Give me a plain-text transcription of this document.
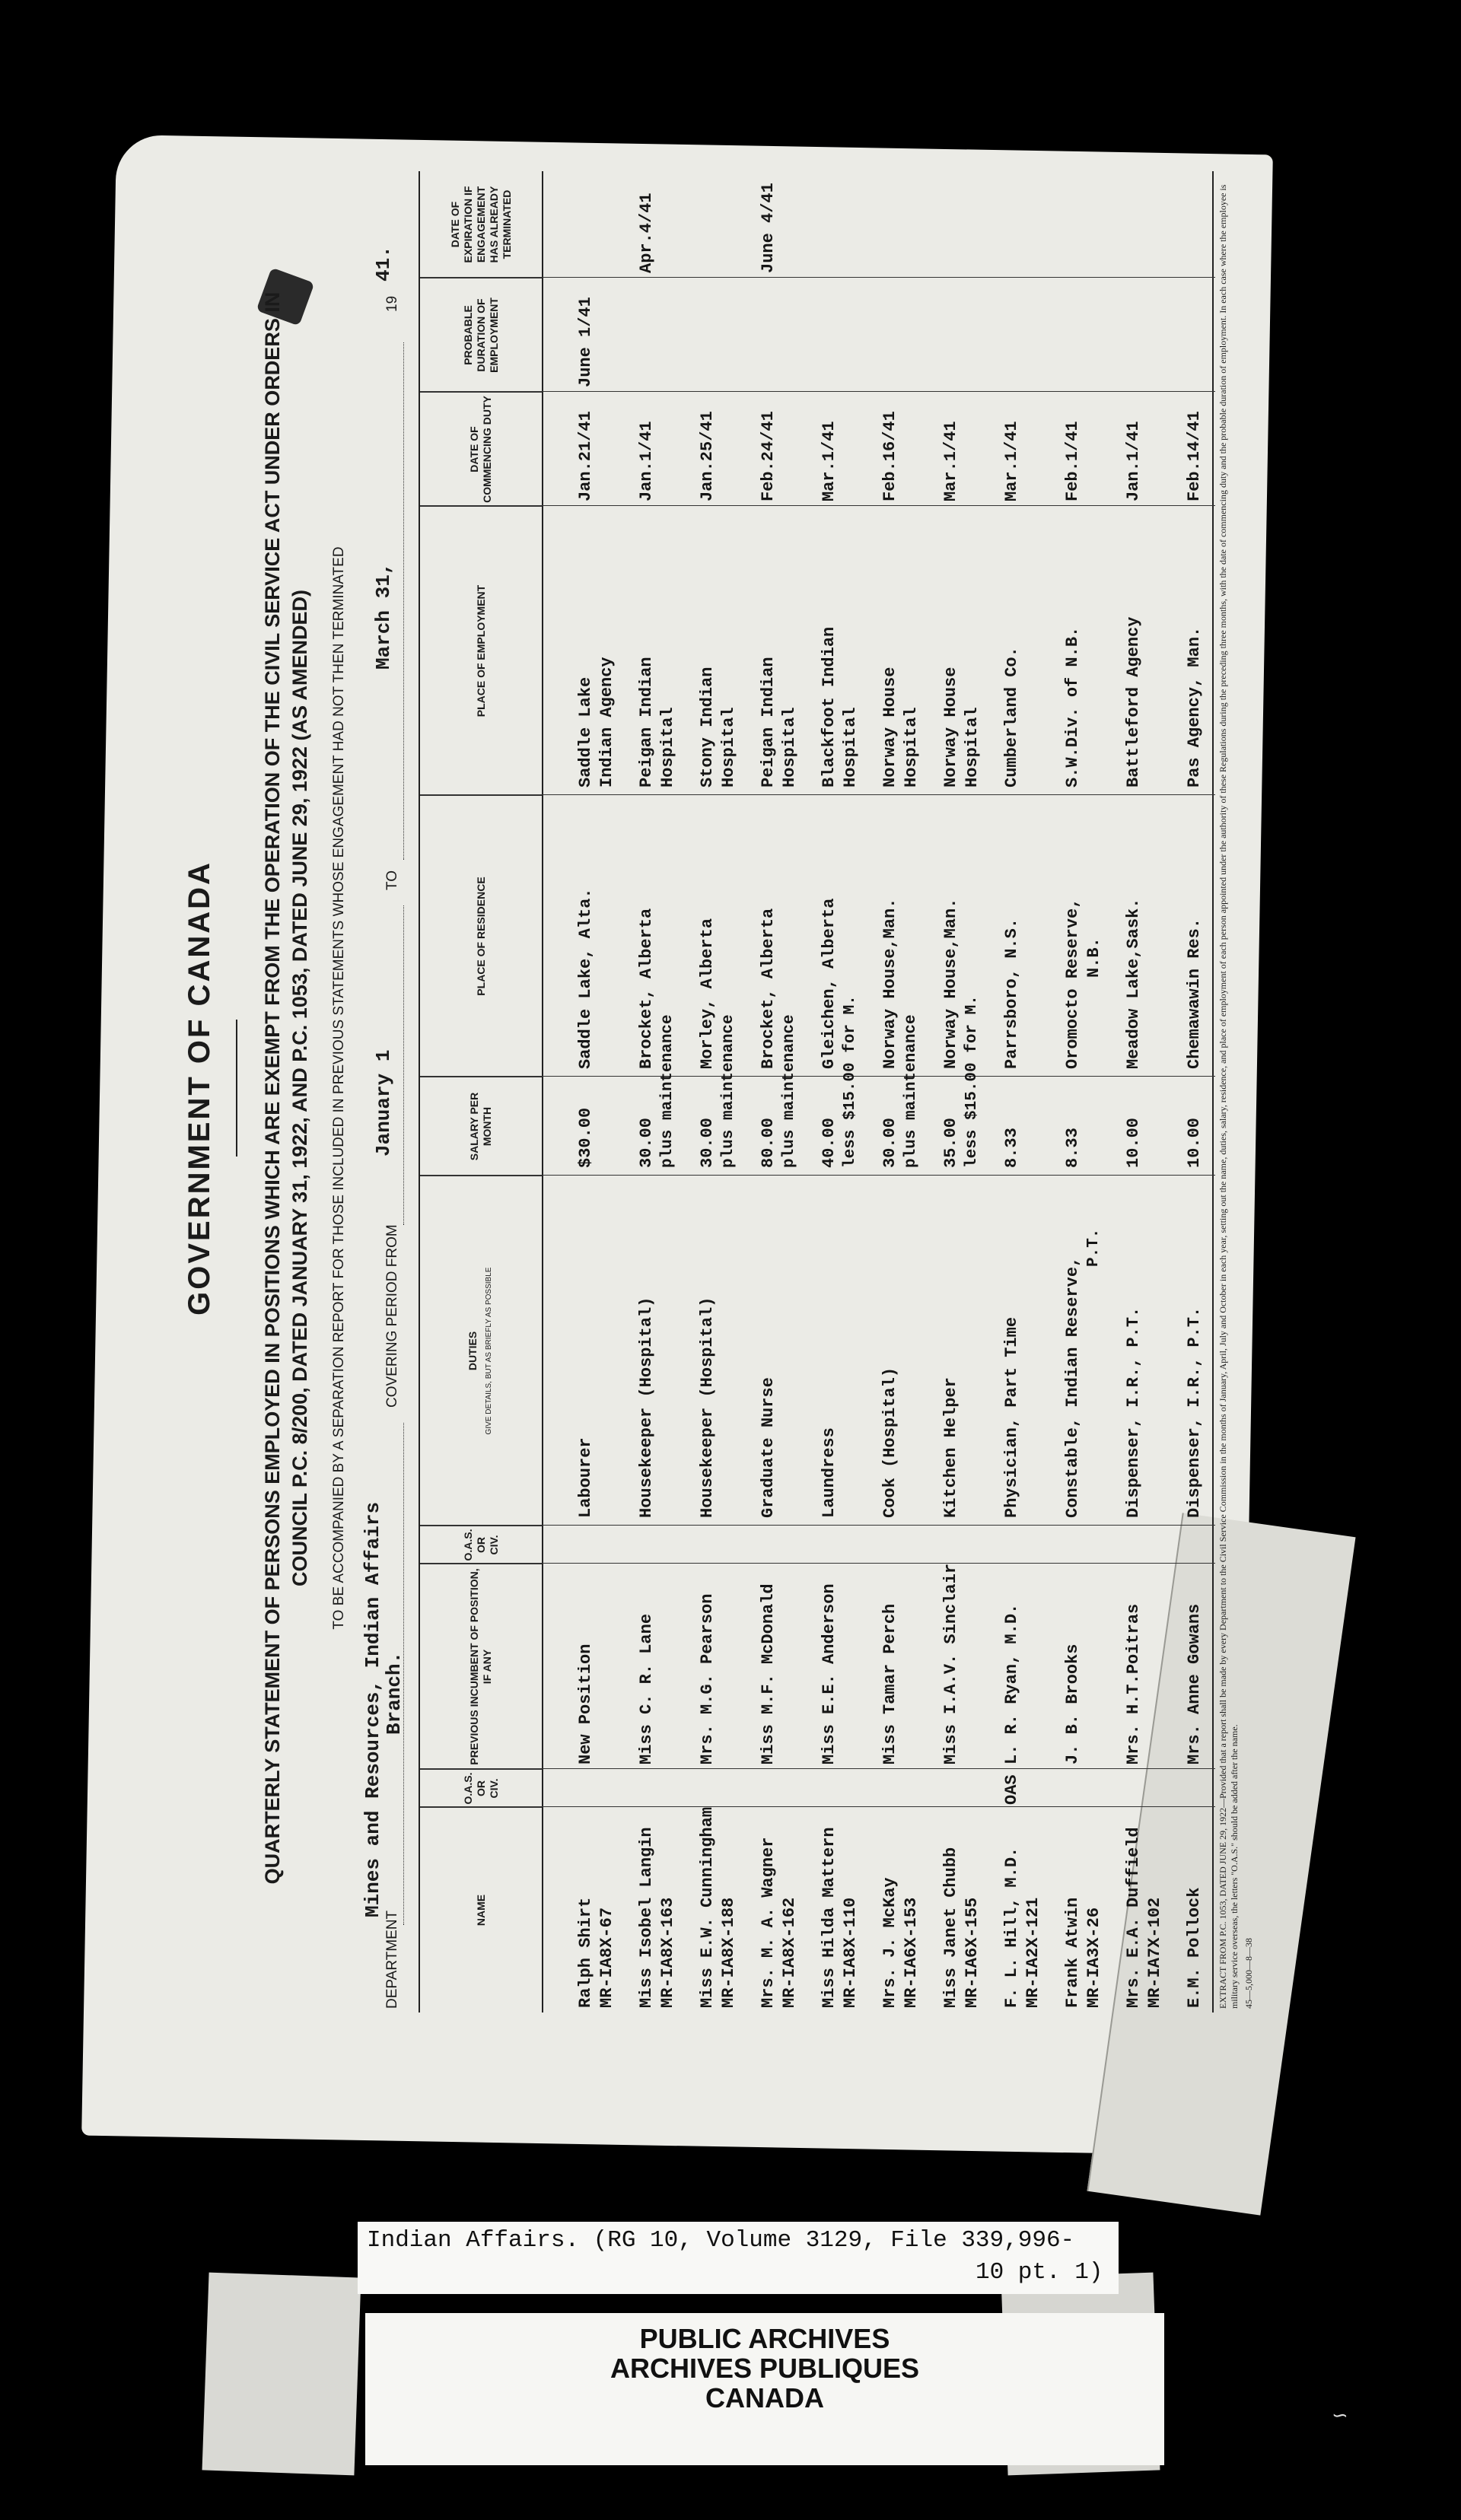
GOVERNMENT OF CANADA QUARTERLY STATEMENT OF PERSONS EMPLOYED IN POSITIONS WHICH ARE EXEMPT FROM THE OPERATION OF THE CIVIL SERVICE ACT UNDER ORDERS IN COUNCIL P.C. 8/200, DATED JANUARY 31, 1922, AND P.C. 1053, DATED JUNE 29, 1922 (AS AMENDED) TO BE ACCOMPANIED BY A SEPARATION REPORT FOR THOSE INCLUDED IN PREVIOUS STATEMENTS WHOSE ENGAGEMENT HAD NOT THEN TERMINATED
DEPARTMENT
Mines and Resources, Indian Affairs
Branch.
COVERING PERIOD FROM
January 1
TO
March 31,
19
41.
NAME
O.A.S. OR CIV.
PREVIOUS INCUMBENT OF POSITION, IF ANY
O.A.S. OR CIV.
DUTIES GIVE DETAILS, BUT AS BRIEFLY AS POSSIBLE
SALARY PER MONTH
PLACE OF RESIDENCE
PLACE OF EMPLOYMENT
DATE OF COMMENCING DUTY
PROBABLE DURATION OF EMPLOYMENT
DATE OF EXPIRATION IF ENGAGEMENT HAS ALREADY TERMINATED
Ralph Shirt MR-IA8X-67
New Position
Labourer
$30.00
Saddle Lake, Alta.
Saddle Lake Indian Agency
Jan.21/41
June 1/41
Miss Isobel Langin MR-IA8X-163
Miss C. R. Lane
Housekeeper (Hospital)
30.00 plus maintenance
Brocket, Alberta
Peigan Indian Hospital
Jan.1/41
Apr.4/41
Miss E.W. Cunningham MR-IA8X-188
Mrs. M.G. Pearson
Housekeeper (Hospital)
30.00 plus maintenance
Morley, Alberta
Stony Indian Hospital
Jan.25/41
Mrs. M. A. Wagner MR-IA8X-162
Miss M.F. McDonald
Graduate Nurse
80.00 plus maintenance
Brocket, Alberta
Peigan Indian Hospital
Feb.24/41
June 4/41
Miss Hilda Mattern MR-IA8X-110
Miss E.E. Anderson
Laundress
40.00 less $15.00 for M.
Gleichen, Alberta
Blackfoot Indian Hospital
Mar.1/41
Mrs. J. McKay MR-IA6X-153
Miss Tamar Perch
Cook (Hospital)
30.00 plus maintenance
Norway House,Man.
Norway House Hospital
Feb.16/41
Miss Janet Chubb MR-IA6X-155
Miss I.A.V. Sinclair
Kitchen Helper
35.00 less $15.00 for M.
Norway House,Man.
Norway House Hospital
Mar.1/41
F. L. Hill, M.D. MR-IA2X-121
OAS
L. R. Ryan, M.D.
Physician, Part Time
8.33
Parrsboro, N.S.
Cumberland Co.
Mar.1/41
Frank Atwin MR-IA3X-26
J. B. Brooks
Constable, Indian Reserve,
P.T.
8.33
Oromocto Reserve, N.B.
S.W.Div. of N.B.
Feb.1/41
Mrs. E.A. Duffield MR-IA7X-102
Mrs. H.T.Poitras
Dispenser, I.R., P.T.
10.00
Meadow Lake,Sask.
Battleford Agency
Jan.1/41
E.M. Pollock
Mrs. Anne Gowans
Dispenser, I.R., P.T.
10.00
Chemawawin Res.
Pas Agency, Man.
Feb.14/41 EXTRACT FROM P.C. 1053, DATED JUNE 29, 1922—Provided that a report shall be made by every Department to the Civil Service Commission in the months of January, April, July and October in each year, setting out the name, duties, salary, residence, and place of employment of each person appointed under the authority of these Regulations during the preceding three months, with the date of commencing duty and the probable duration of employment. In each case where the employee is military service overseas, the letters "O.A.S." should be added after the name. 45—5,000—8—38
Indian Affairs. (RG 10, Volume 3129, File 339,996-
10 pt. 1)
PUBLIC ARCHIVES
ARCHIVES PUBLIQUES
CANADA
∽
